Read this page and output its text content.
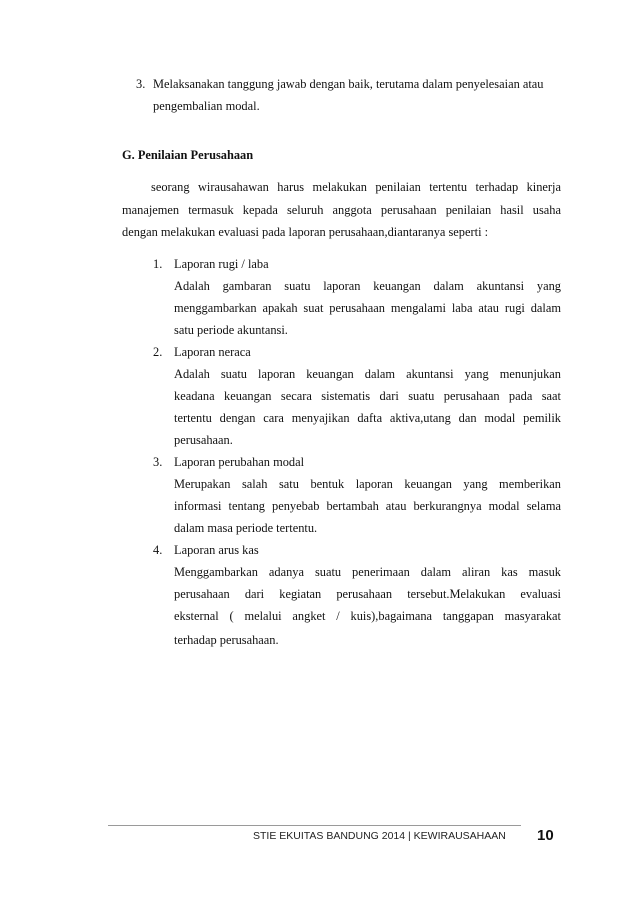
3. Melaksanakan tanggung jawab dengan baik, terutama dalam penyelesaian atau
pengembalian modal.
G. Penilaian Perusahaan
seorang wirausahawan harus melakukan penilaian tertentu terhadap kinerja
manajemen termasuk kepada seluruh anggota perusahaan penilaian hasil usaha
dengan melakukan evaluasi pada laporan perusahaan,diantaranya seperti :
1. Laporan rugi / laba
Adalah gambaran suatu laporan keuangan dalam akuntansi yang
menggambarkan apakah suat perusahaan mengalami laba atau rugi dalam
satu periode akuntansi.
2. Laporan neraca
Adalah suatu laporan keuangan dalam akuntansi yang menunjukan
keadana keuangan secara sistematis dari suatu perusahaan pada saat
tertentu dengan cara menyajikan dafta aktiva,utang dan modal pemilik
perusahaan.
3. Laporan perubahan modal
Merupakan salah satu bentuk laporan keuangan yang memberikan
informasi tentang penyebab bertambah atau berkurangnya modal selama
dalam masa periode tertentu.
4. Laporan arus kas
Menggambarkan adanya suatu penerimaan dalam aliran kas masuk
perusahaan dari kegiatan perusahaan tersebut.Melakukan evaluasi
eksternal ( melalui angket / kuis),bagaimana tanggapan masyarakat
terhadap perusahaan.
STIE EKUITAS BANDUNG 2014 | KEWIRAUSAHAAN 10
